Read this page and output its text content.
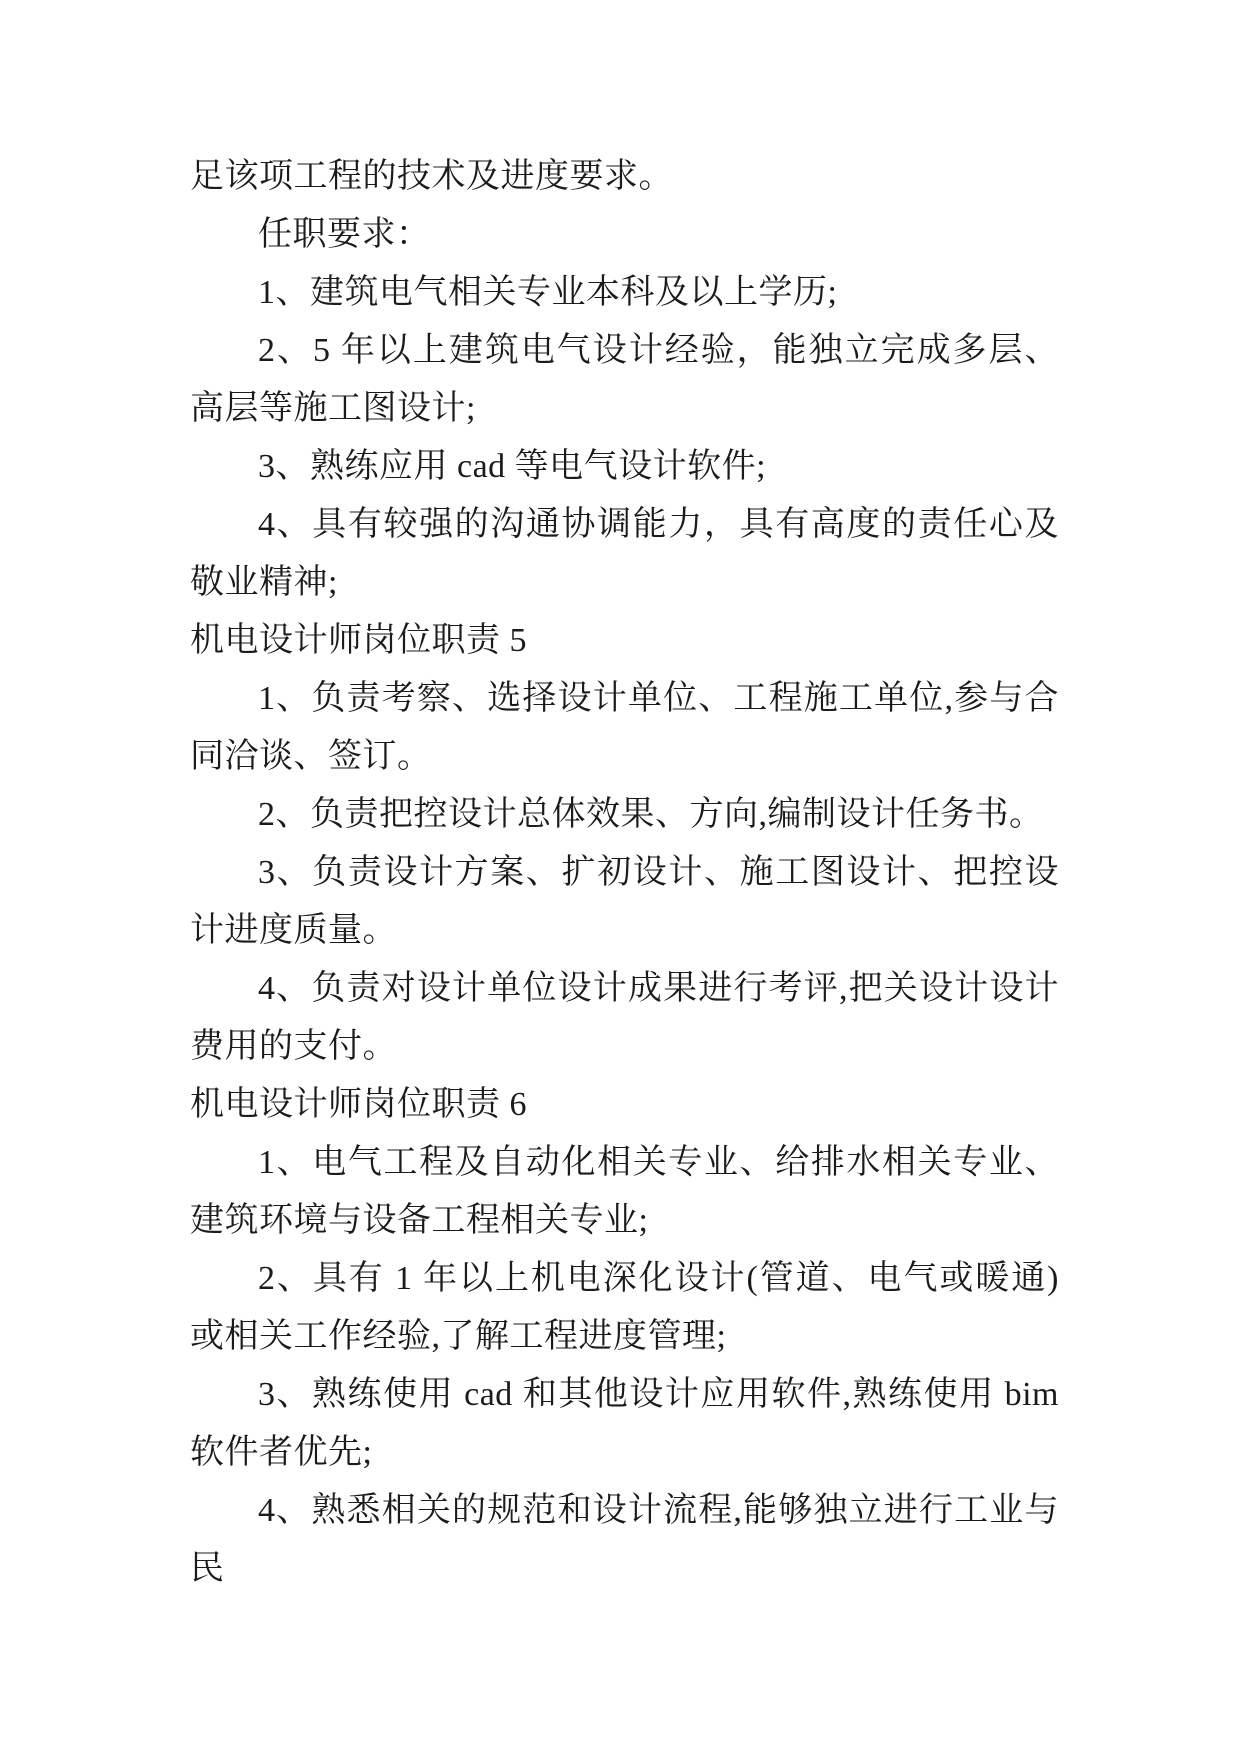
足该项工程的技术及进度要求。

任职要求：

1、建筑电气相关专业本科及以上学历;

2、5 年以上建筑电气设计经验，能独立完成多层、高层等施工图设计;

3、熟练应用 cad 等电气设计软件;

4、具有较强的沟通协调能力，具有高度的责任心及敬业精神;

机电设计师岗位职责 5

1、负责考察、选择设计单位、工程施工单位,参与合同洽谈、签订。

2、负责把控设计总体效果、方向,编制设计任务书。

3、负责设计方案、扩初设计、施工图设计、把控设计进度质量。

4、负责对设计单位设计成果进行考评,把关设计设计费用的支付。

机电设计师岗位职责 6

1、电气工程及自动化相关专业、给排水相关专业、建筑环境与设备工程相关专业;

2、具有 1 年以上机电深化设计(管道、电气或暖通)或相关工作经验,了解工程进度管理;

3、熟练使用 cad 和其他设计应用软件,熟练使用 bim 软件者优先;

4、熟悉相关的规范和设计流程,能够独立进行工业与民
